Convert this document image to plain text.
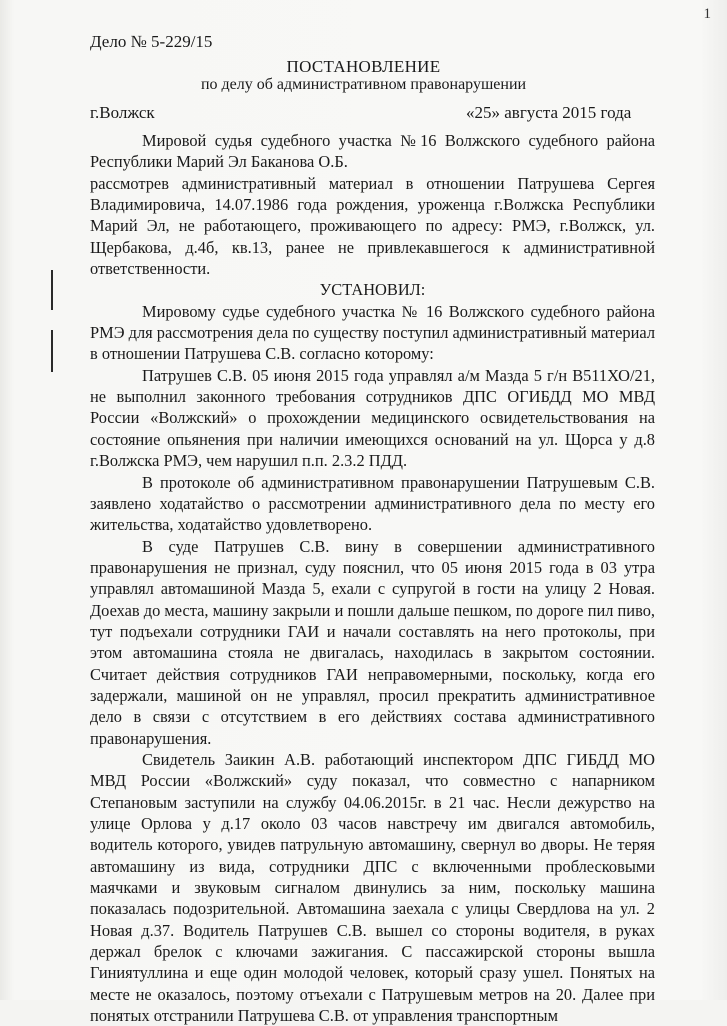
1
Дело № 5-229/15
ПОСТАНОВЛЕНИЕ
по делу об административном правонарушении
г.Волжск	«25» августа 2015 года

Мировой судья судебного участка №16 Волжского судебного района Республики Марий Эл Баканова О.Б.

рассмотрев административный материал в отношении Патрушева Сергея Владимировича, 14.07.1986 года рождения, уроженца г.Волжска Республики Марий Эл, не работающего, проживающего по адресу: РМЭ, г.Волжск, ул. Щербакова, д.4б, кв.13, ранее не привлекавшегося к административной ответственности.

УСТАНОВИЛ:

Мировому судье судебного участка № 16 Волжского судебного района РМЭ для рассмотрения дела по существу поступил административный материал в отношении Патрушева С.В. согласно которому:

Патрушев С.В. 05 июня 2015 года управлял а/м Мазда 5 г/н В511ХО/21, не выполнил законного требования сотрудников ДПС ОГИБДД МО МВД России «Волжский» о прохождении медицинского освидетельствования на состояние опьянения при наличии имеющихся оснований на ул. Щорса у д.8 г.Волжска РМЭ, чем нарушил п.п. 2.3.2 ПДД.

В протоколе об административном правонарушении Патрушевым С.В. заявлено ходатайство о рассмотрении административного дела по месту его жительства, ходатайство удовлетворено.

В суде Патрушев С.В. вину в совершении административного правонарушения не признал, суду пояснил, что 05 июня 2015 года в 03 утра управлял автомашиной Мазда 5, ехали с супругой в гости на улицу 2 Новая. Доехав до места, машину закрыли и пошли дальше пешком, по дороге пил пиво, тут подъехали сотрудники ГАИ и начали составлять на него протоколы, при этом автомашина стояла не двигалась, находилась в закрытом состоянии. Считает действия сотрудников ГАИ неправомерными, поскольку, когда его задержали, машиной он не управлял, просил прекратить административное дело в связи с отсутствием в его действиях состава административного правонарушения.

Свидетель Заикин А.В. работающий инспектором ДПС ГИБДД МО МВД России «Волжский» суду показал, что совместно с напарником Степановым заступили на службу 04.06.2015г. в 21 час. Несли дежурство на улице Орлова у д.17 около 03 часов навстречу им двигался автомобиль, водитель которого, увидев патрульную автомашину, свернул во дворы. Не теряя автомашину из вида, сотрудники ДПС с включенными проблесковыми маячками и звуковым сигналом двинулись за ним, поскольку машина показалась подозрительной. Автомашина заехала с улицы Свердлова на ул. 2 Новая д.37. Водитель Патрушев С.В. вышел со стороны водителя, в руках держал брелок с ключами зажигания. С пассажирской стороны вышла Гиниятуллина и еще один молодой человек, который сразу ушел. Понятых на месте не оказалось, поэтому отъехали с Патрушевым метров на 20. Далее при понятых отстранили Патрушева С.В. от управления транспортным
